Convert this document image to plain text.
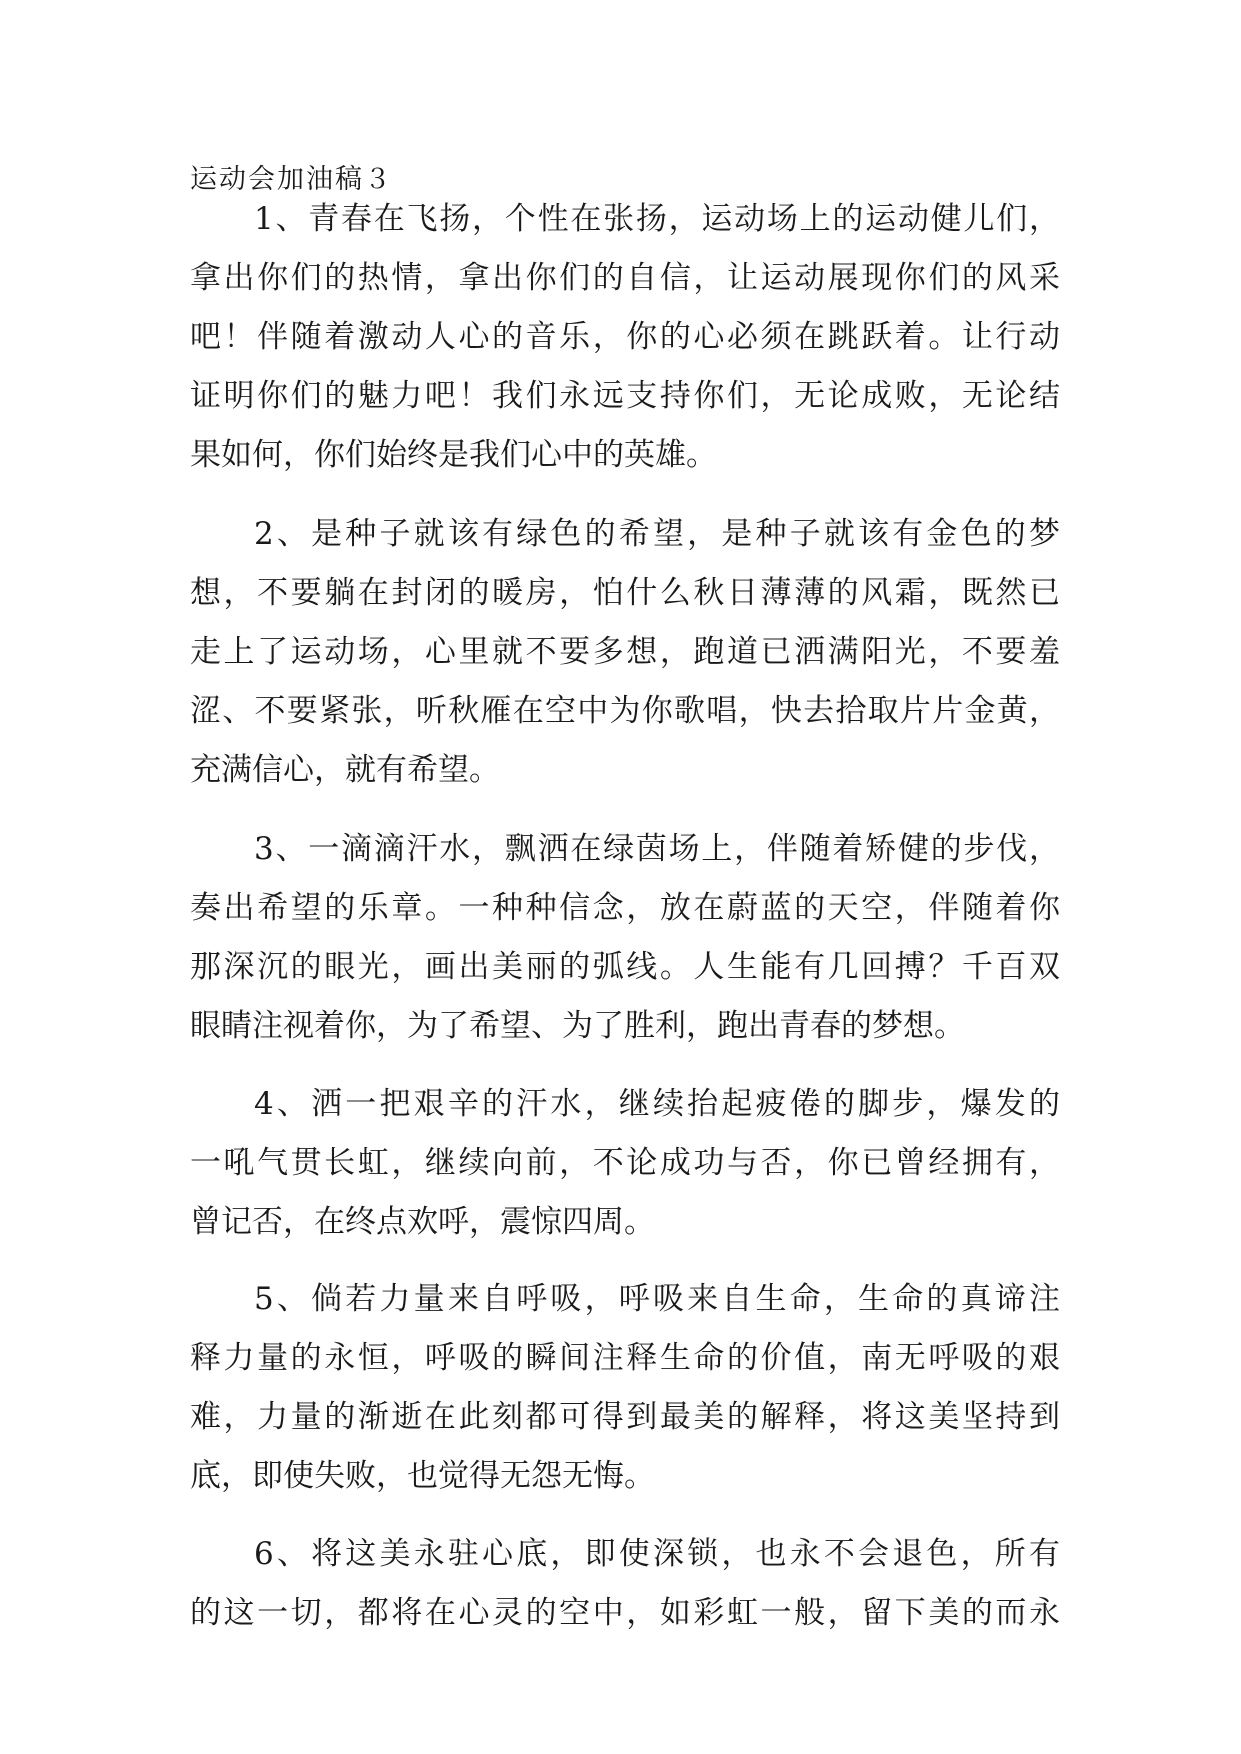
运动会加油稿３
1、青春在飞扬，个性在张扬，运动场上的运动健儿们，
拿出你们的热情，拿出你们的自信，让运动展现你们的风采
吧！伴随着激动人心的音乐，你的心必须在跳跃着。让行动
证明你们的魅力吧！我们永远支持你们，无论成败，无论结
果如何，你们始终是我们心中的英雄。
2、是种子就该有绿色的希望，是种子就该有金色的梦
想，不要躺在封闭的暖房，怕什么秋日薄薄的风霜，既然已
走上了运动场，心里就不要多想，跑道已洒满阳光，不要羞
涩、不要紧张，听秋雁在空中为你歌唱，快去拾取片片金黄，
充满信心，就有希望。
3、一滴滴汗水，飘洒在绿茵场上，伴随着矫健的步伐，
奏出希望的乐章。一种种信念，放在蔚蓝的天空，伴随着你
那深沉的眼光，画出美丽的弧线。人生能有几回搏？千百双
眼睛注视着你，为了希望、为了胜利，跑出青春的梦想。
4、洒一把艰辛的汗水，继续抬起疲倦的脚步，爆发的
一吼气贯长虹，继续向前，不论成功与否，你已曾经拥有，
曾记否，在终点欢呼，震惊四周。
5、倘若力量来自呼吸，呼吸来自生命，生命的真谛注
释力量的永恒，呼吸的瞬间注释生命的价值，南无呼吸的艰
难，力量的渐逝在此刻都可得到最美的解释，将这美坚持到
底，即使失败，也觉得无怨无悔。
6、将这美永驻心底，即使深锁，也永不会退色，所有
的这一切，都将在心灵的空中，如彩虹一般，留下美的而永
